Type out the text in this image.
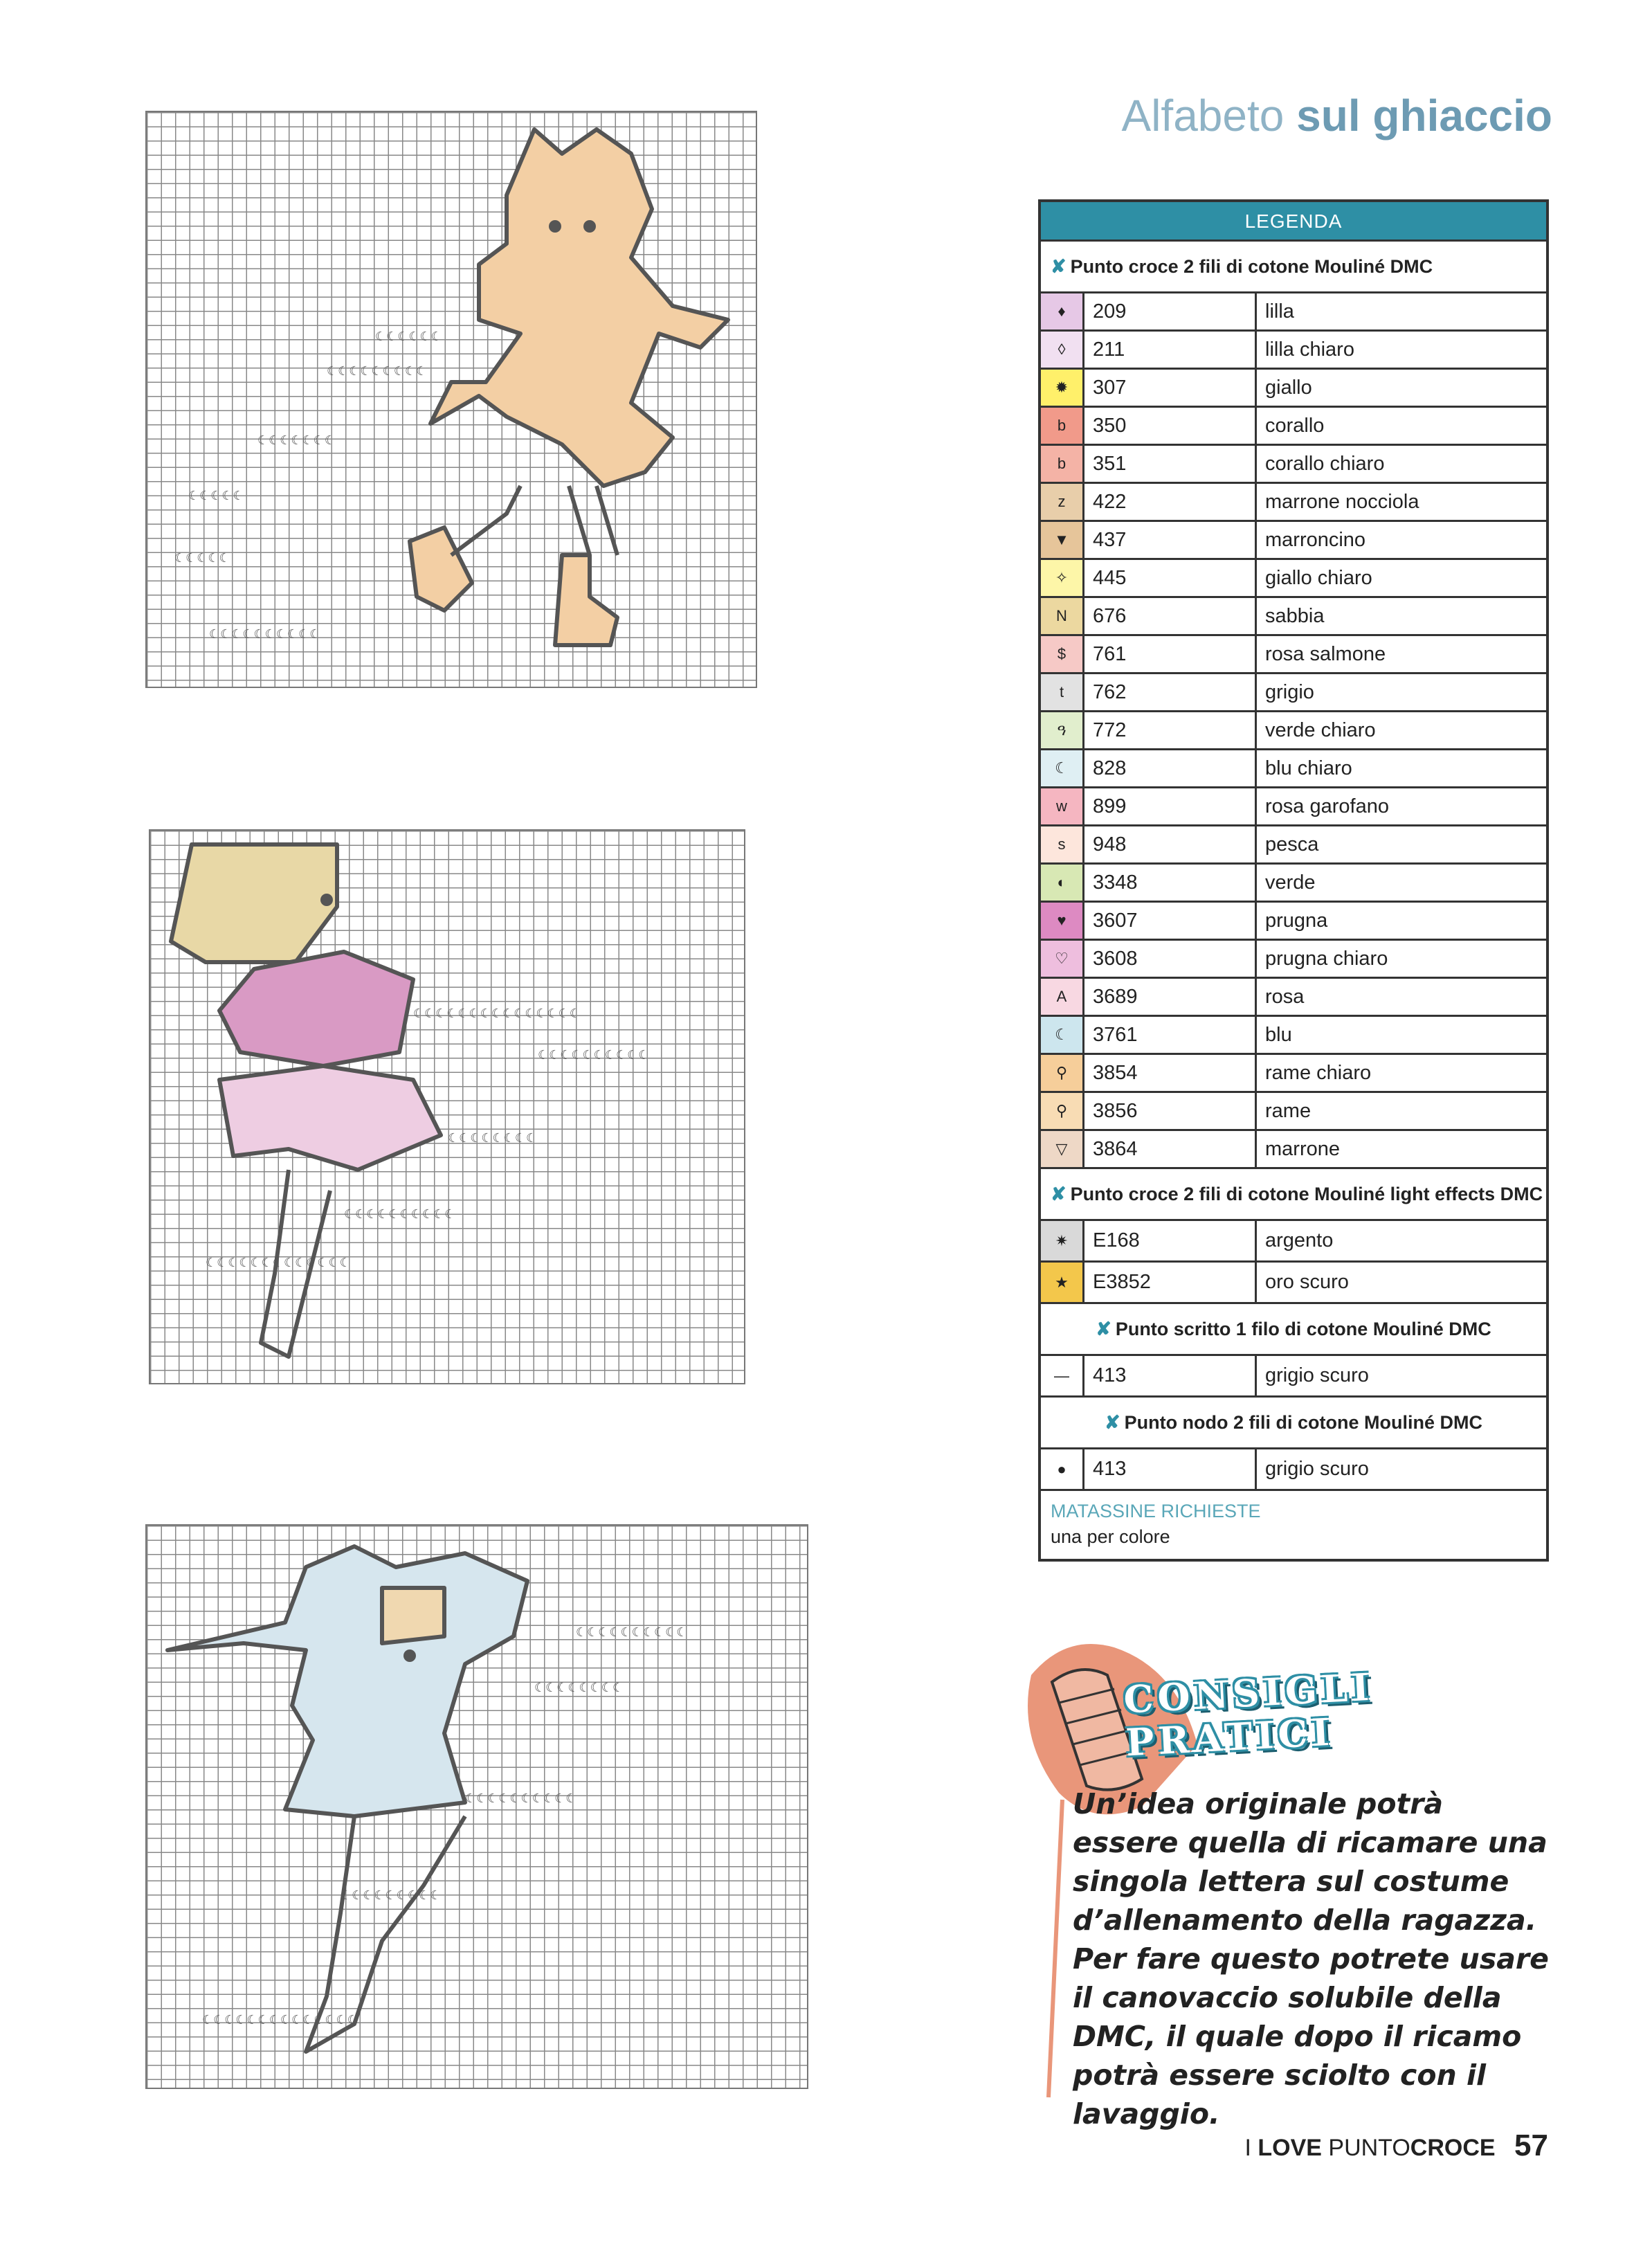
Alfabeto sul ghiaccio
☾☾☾☾☾☾
☾☾☾☾☾☾☾☾☾
☾☾☾☾☾☾☾
☾☾☾☾☾
☾☾☾☾☾
☾☾☾☾☾☾☾☾☾☾
☾☾☾☾☾☾☾☾☾☾☾☾☾☾☾
☾☾☾☾☾☾☾☾☾☾
☾☾☾☾☾☾☾☾
☾☾☾☾☾☾☾☾☾☾
☾☾☾☾☾☾☾☾☾☾☾☾☾
☾☾☾☾☾☾☾☾☾☾
☾☾☾☾☾☾☾☾
☾☾☾☾☾☾☾☾☾☾
☾☾☾☾☾☾☾☾☾
☾☾☾☾☾☾☾☾☾☾☾☾☾☾
LEGENDA
✘ Punto croce 2 fili di cotone Mouliné DMC
♦	209	lilla
◊	211	lilla chiaro
✹	307	giallo
b	350	corallo
b	351	corallo chiaro
z	422	marrone nocciola
▼	437	marroncino
✧	445	giallo chiaro
N	676	sabbia
$	761	rosa salmone
t	762	grigio
ዓ	772	verde chiaro
☾	828	blu chiaro
w	899	rosa garofano
s	948	pesca
◐	3348	verde
♥	3607	prugna
♡	3608	prugna chiaro
A	3689	rosa
☾	3761	blu
⚲	3854	rame chiaro
⚲	3856	rame
▽	3864	marrone
✘ Punto croce 2 fili di cotone Mouliné light effects DMC
✷	E168	argento
★	E3852	oro scuro
✘ Punto scritto 1 filo di cotone Mouliné DMC
—	413	grigio scuro
✘ Punto nodo 2 fili di cotone Mouliné DMC
●	413	grigio scuro
MATASSINE RICHIESTE
una per colore
CONSIGLI
PRATICI
Un’idea originale potrà essere quella di ricamare una singola lettera sul costume d’allenamento della ragazza. Per fare questo potrete usare il canovaccio solubile della DMC, il quale dopo il ricamo potrà essere sciolto con il lavaggio.
I LOVE PUNTOCROCE 57
